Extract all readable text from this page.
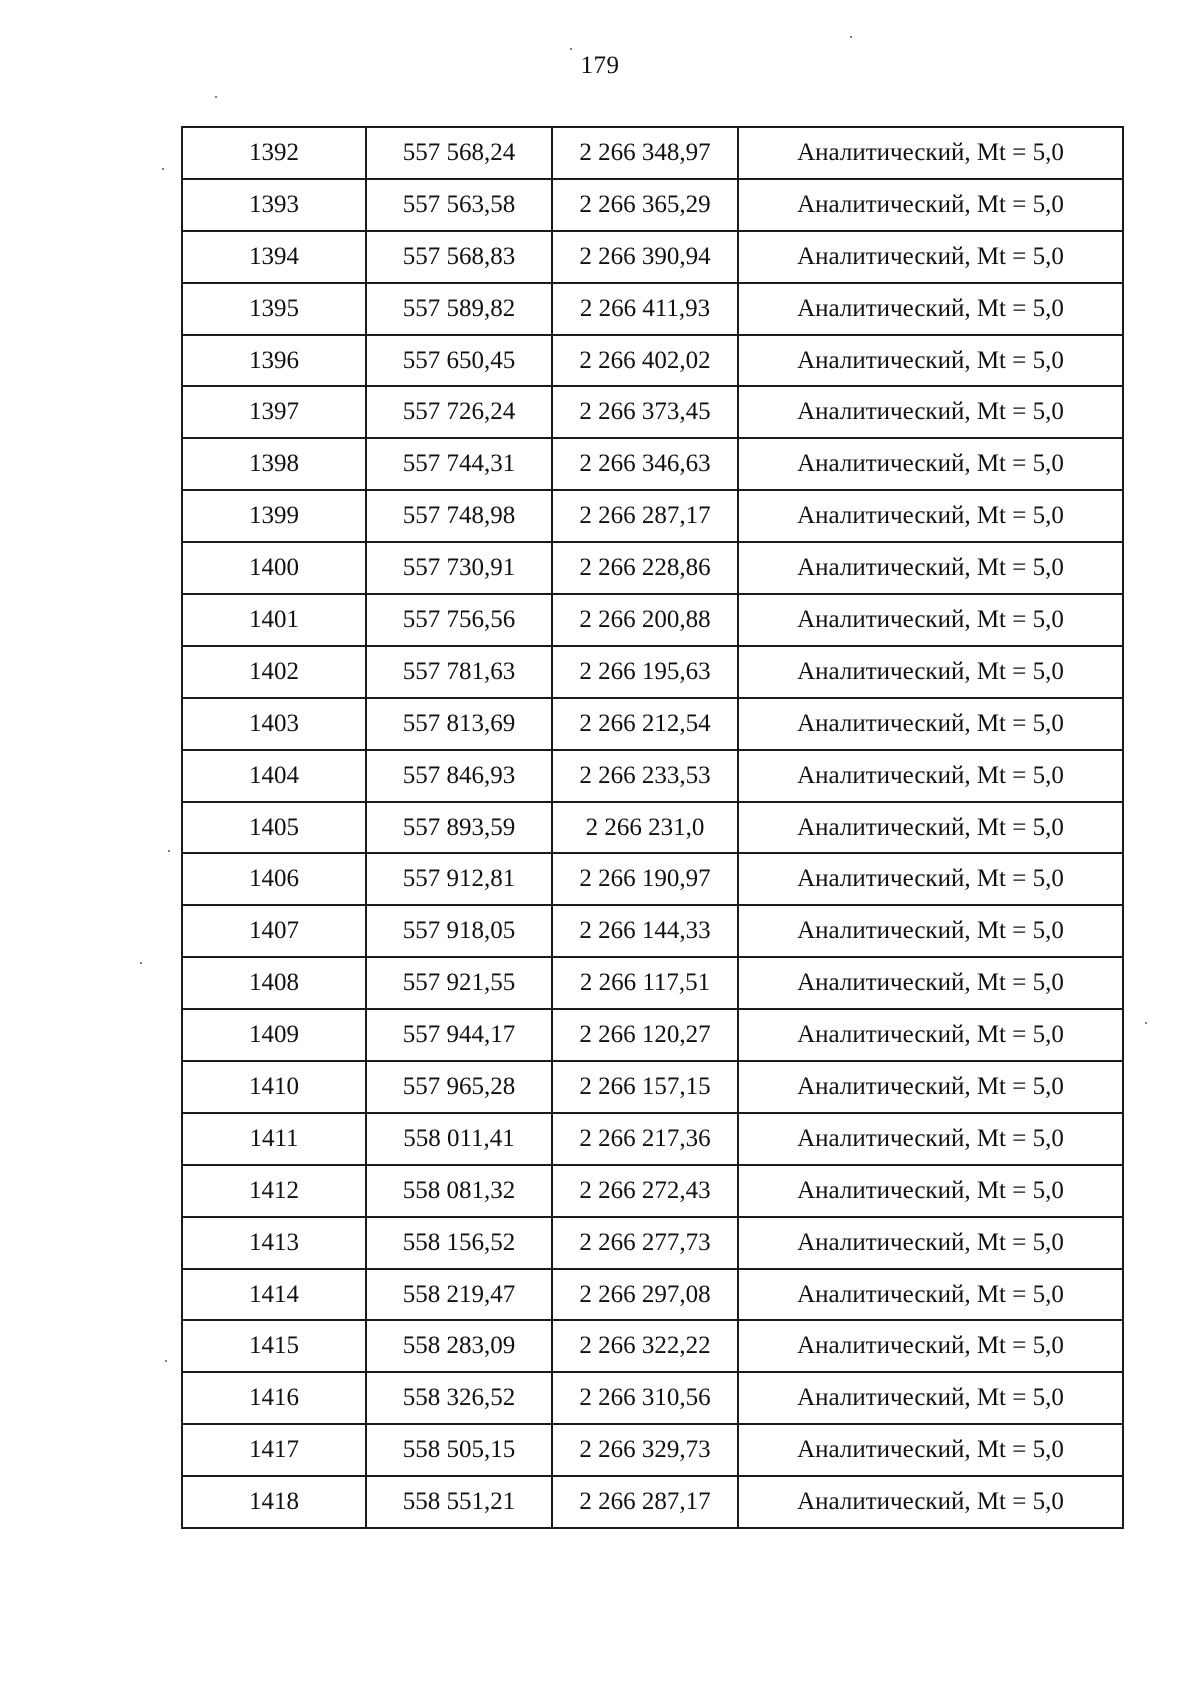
179
1392	557 568,24	2 266 348,97	Аналитический, Mt = 5,0
1393	557 563,58	2 266 365,29	Аналитический, Mt = 5,0
1394	557 568,83	2 266 390,94	Аналитический, Mt = 5,0
1395	557 589,82	2 266 411,93	Аналитический, Mt = 5,0
1396	557 650,45	2 266 402,02	Аналитический, Mt = 5,0
1397	557 726,24	2 266 373,45	Аналитический, Mt = 5,0
1398	557 744,31	2 266 346,63	Аналитический, Mt = 5,0
1399	557 748,98	2 266 287,17	Аналитический, Mt = 5,0
1400	557 730,91	2 266 228,86	Аналитический, Mt = 5,0
1401	557 756,56	2 266 200,88	Аналитический, Mt = 5,0
1402	557 781,63	2 266 195,63	Аналитический, Mt = 5,0
1403	557 813,69	2 266 212,54	Аналитический, Mt = 5,0
1404	557 846,93	2 266 233,53	Аналитический, Mt = 5,0
1405	557 893,59	2 266 231,0	Аналитический, Mt = 5,0
1406	557 912,81	2 266 190,97	Аналитический, Mt = 5,0
1407	557 918,05	2 266 144,33	Аналитический, Mt = 5,0
1408	557 921,55	2 266 117,51	Аналитический, Mt = 5,0
1409	557 944,17	2 266 120,27	Аналитический, Mt = 5,0
1410	557 965,28	2 266 157,15	Аналитический, Mt = 5,0
1411	558 011,41	2 266 217,36	Аналитический, Mt = 5,0
1412	558 081,32	2 266 272,43	Аналитический, Mt = 5,0
1413	558 156,52	2 266 277,73	Аналитический, Mt = 5,0
1414	558 219,47	2 266 297,08	Аналитический, Mt = 5,0
1415	558 283,09	2 266 322,22	Аналитический, Mt = 5,0
1416	558 326,52	2 266 310,56	Аналитический, Mt = 5,0
1417	558 505,15	2 266 329,73	Аналитический, Mt = 5,0
1418	558 551,21	2 266 287,17	Аналитический, Mt = 5,0
